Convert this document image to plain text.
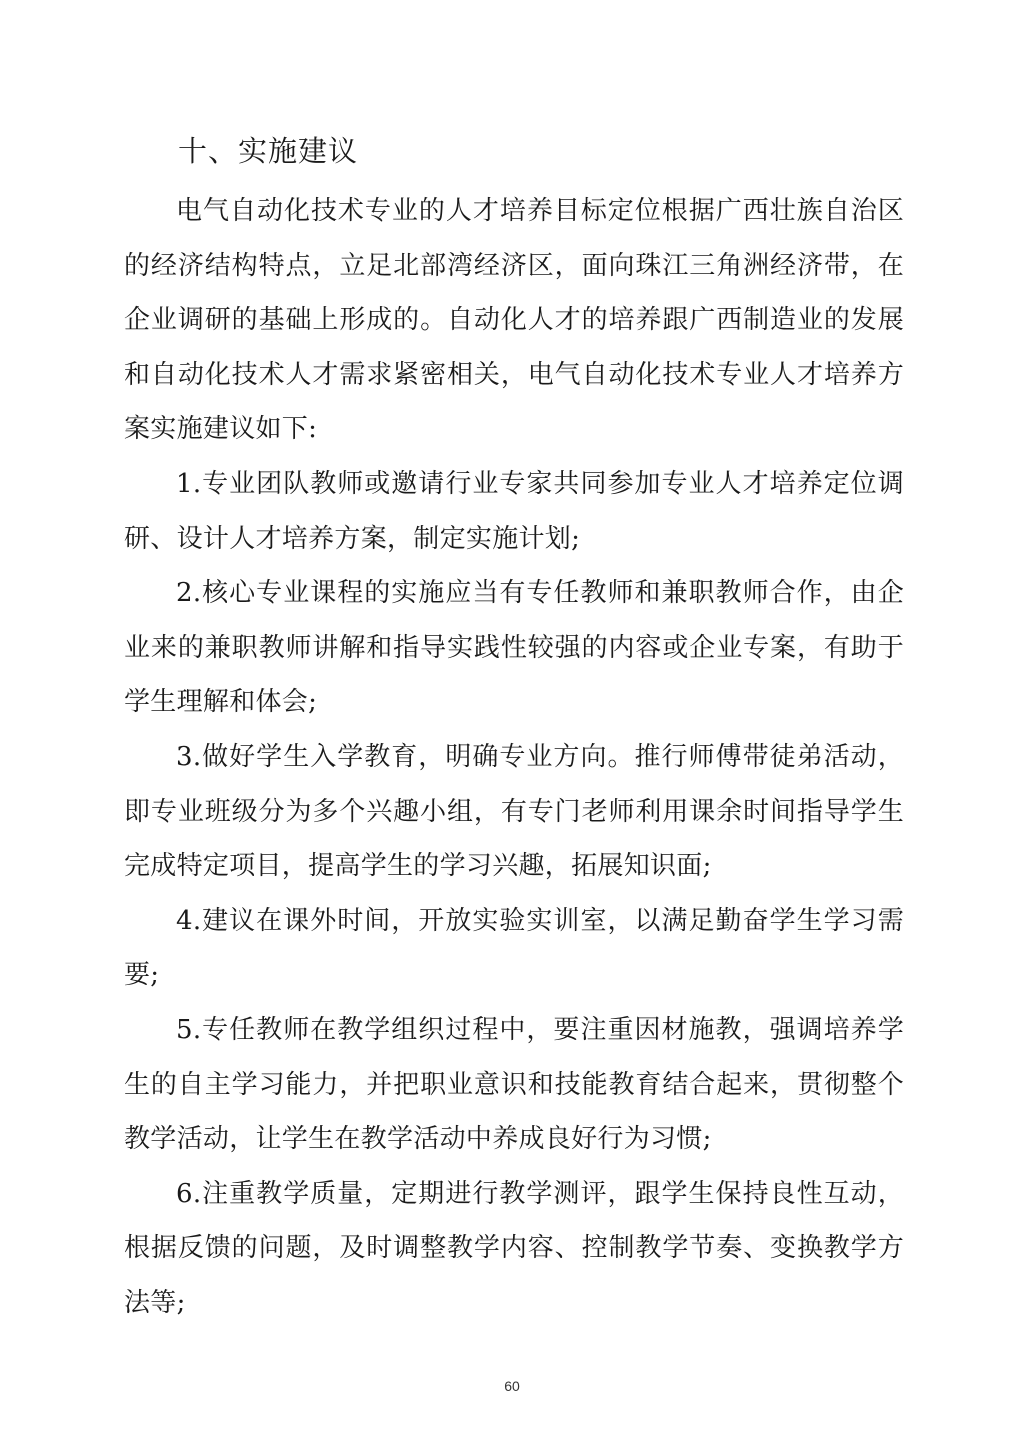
十、实施建议

电气自动化技术专业的人才培养目标定位根据广西壮族自治区的经济结构特点，立足北部湾经济区，面向珠江三角洲经济带，在企业调研的基础上形成的。自动化人才的培养跟广西制造业的发展和自动化技术人才需求紧密相关，电气自动化技术专业人才培养方案实施建议如下:

1.专业团队教师或邀请行业专家共同参加专业人才培养定位调研、设计人才培养方案，制定实施计划;

2.核心专业课程的实施应当有专任教师和兼职教师合作，由企业来的兼职教师讲解和指导实践性较强的内容或企业专案，有助于学生理解和体会;

3.做好学生入学教育，明确专业方向。推行师傅带徒弟活动，即专业班级分为多个兴趣小组，有专门老师利用课余时间指导学生完成特定项目，提高学生的学习兴趣，拓展知识面;

4.建议在课外时间，开放实验实训室，以满足勤奋学生学习需要;

5.专任教师在教学组织过程中，要注重因材施教，强调培养学生的自主学习能力，并把职业意识和技能教育结合起来，贯彻整个教学活动，让学生在教学活动中养成良好行为习惯;

6.注重教学质量，定期进行教学测评，跟学生保持良性互动，根据反馈的问题，及时调整教学内容、控制教学节奏、变换教学方法等;

60
